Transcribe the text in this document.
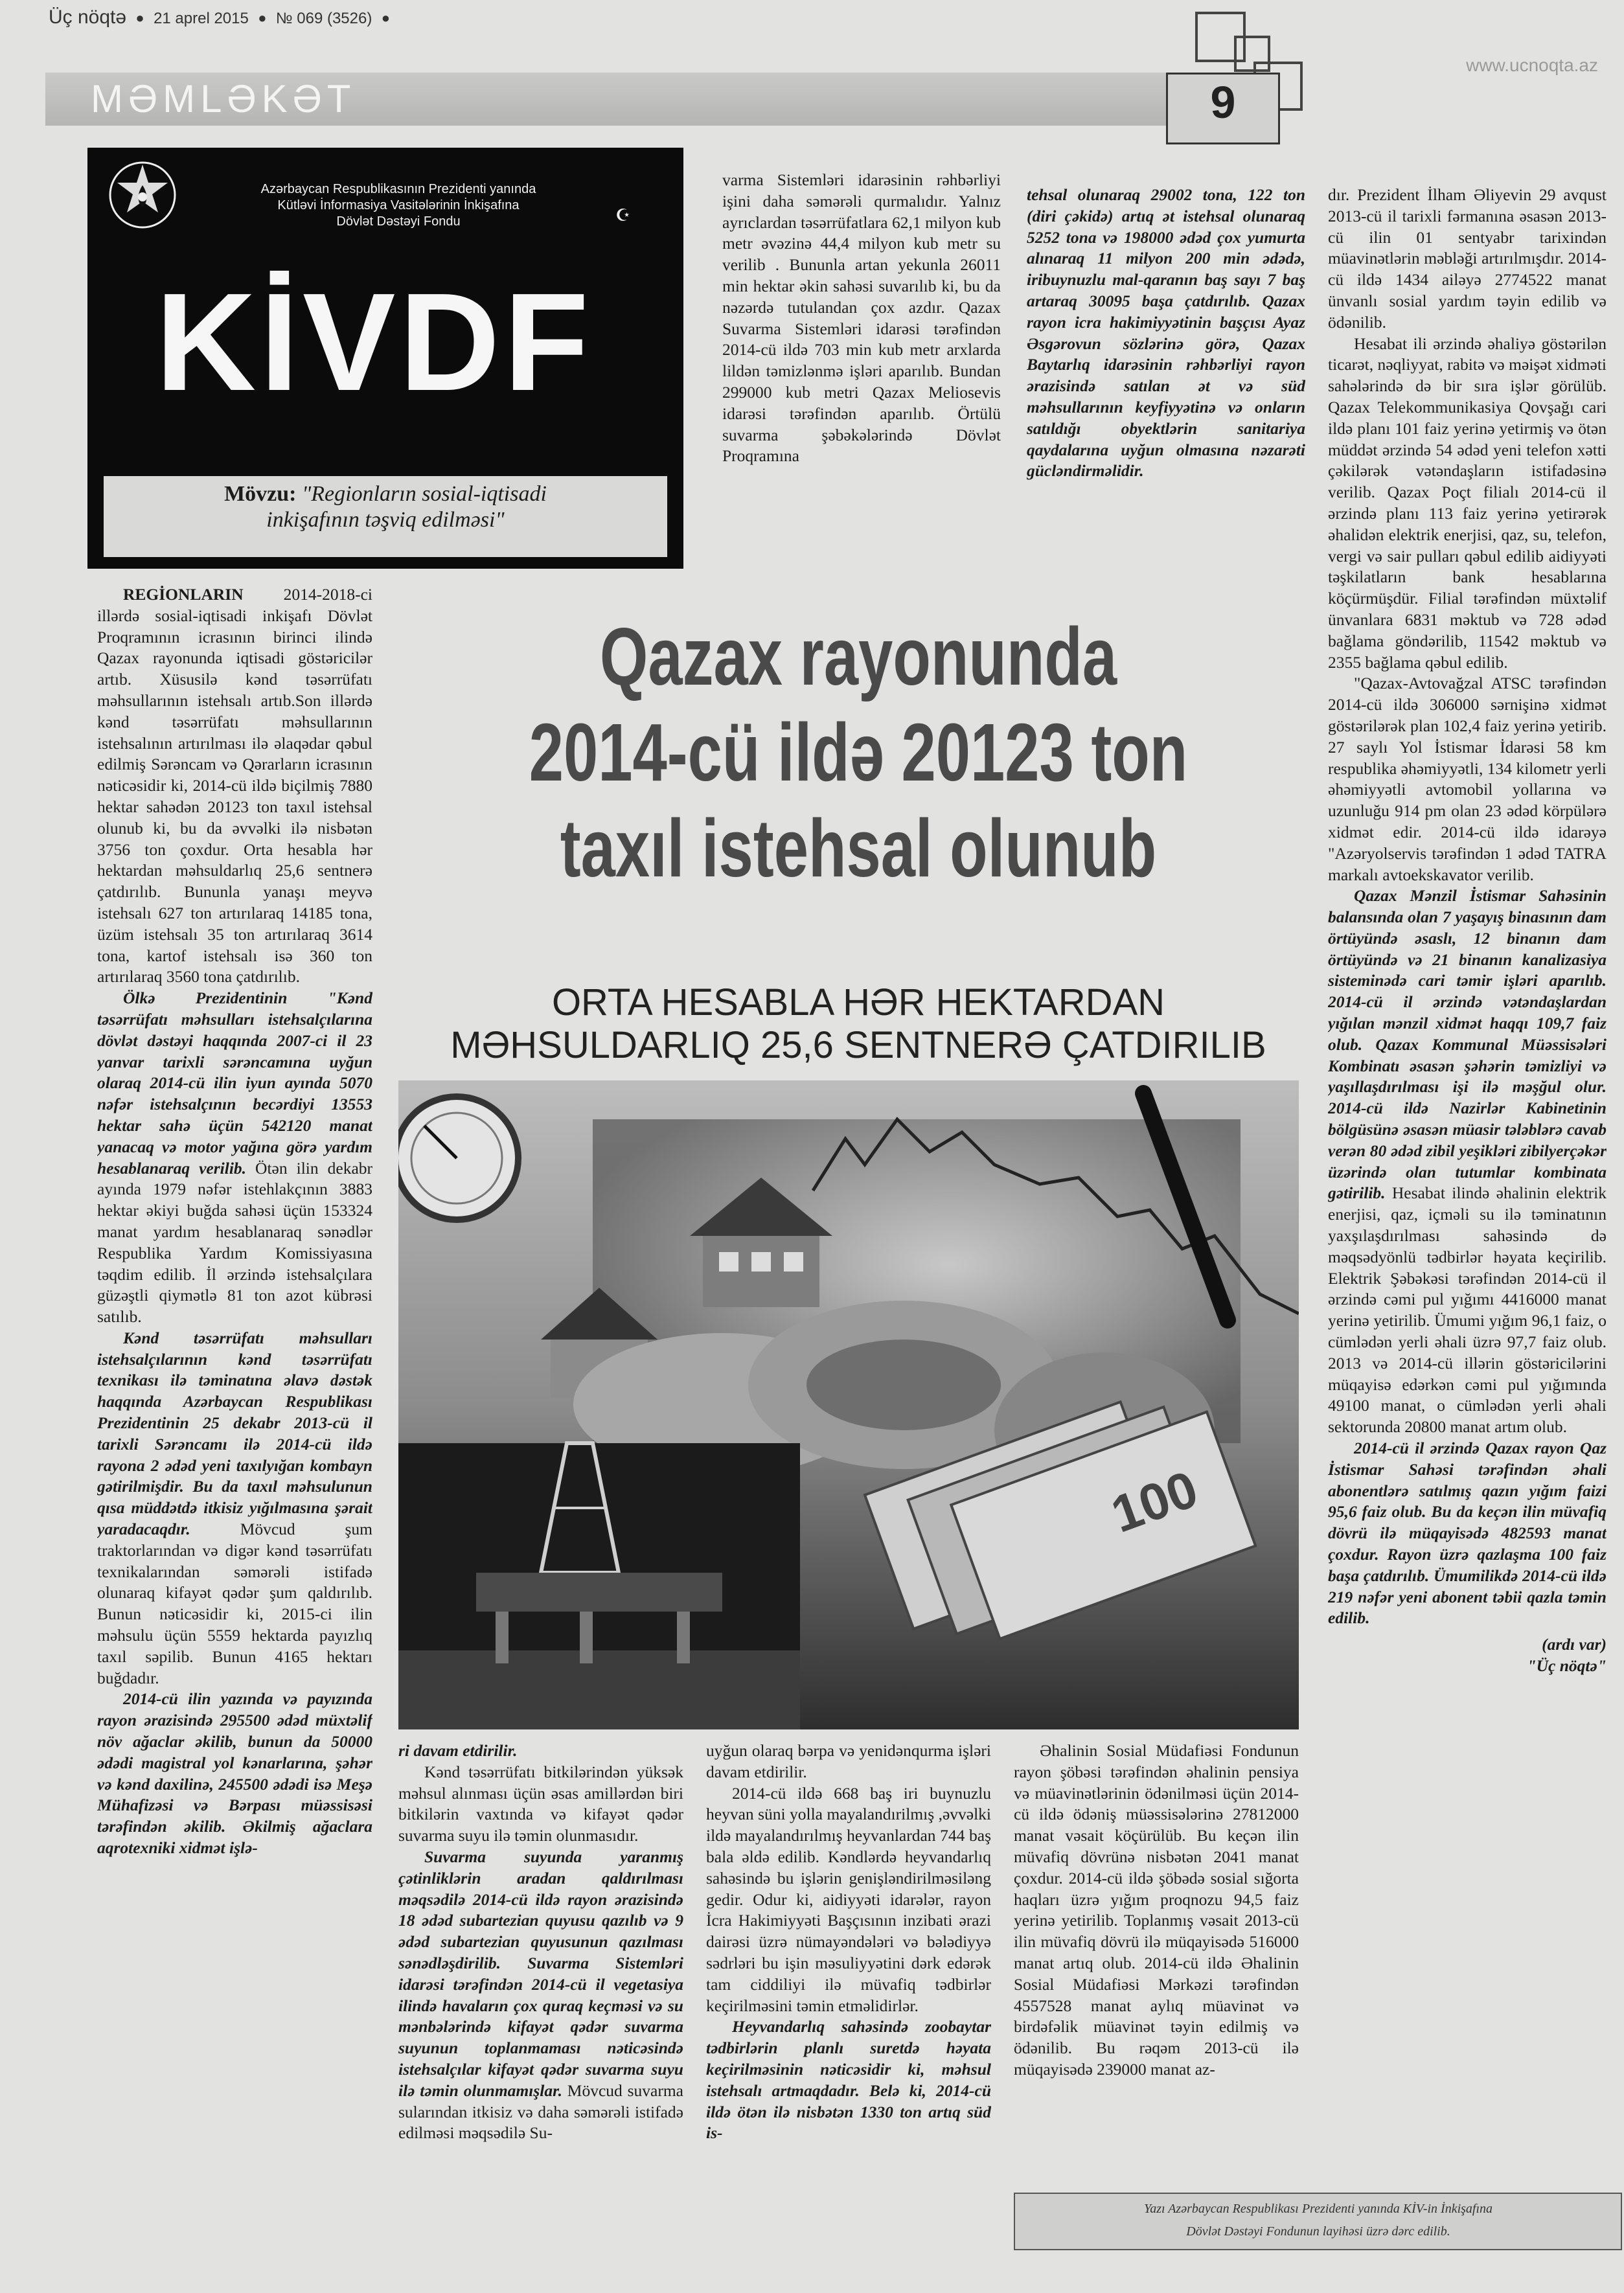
Üç nöqtə ● 21 aprel 2015 ● № 069 (3526) ●
www.ucnoqta.az
MƏMLƏKƏT	9
Azərbaycan Respublikasının Prezidenti yanında
Kütləvi İnformasiya Vasitələrinin İnkişafına
Dövlət Dəstəyi Fondu	☪
KİVDF
Mövzu: "Regionların sosial-iqtisadi
inkişafının təşviq edilməsi"

REGİONLARIN 2014-2018-ci illərdə sosial-iqtisadi inkişafı Dövlət Proqramının icrasının birinci ilində Qazax rayonunda iqtisadi göstəricilər artıb. Xüsusilə kənd təsərrüfatı məhsullarının istehsalı artıb.Son illərdə kənd təsərrüfatı məhsullarının istehsalının artırılması ilə əlaqədar qəbul edilmiş Sərəncam və Qərarların icrasının nəticəsidir ki, 2014-cü ildə biçilmiş 7880 hektar sahədən 20123 ton taxıl istehsal olunub ki, bu da əvvəlki ilə nisbətən 3756 ton çoxdur. Orta hesabla hər hektardan məhsuldarlıq 25,6 sentnerə çatdırılıb. Bununla yanaşı meyvə istehsalı 627 ton artırılaraq 14185 tona, üzüm istehsalı 35 ton artırılaraq 3614 tona, kartof istehsalı isə 360 ton artırılaraq 3560 tona çatdırılıb.

Ölkə Prezidentinin "Kənd təsərrüfatı məhsulları istehsalçılarına dövlət dəstəyi haqqında 2007-ci il 23 yanvar tarixli sərəncamına uyğun olaraq 2014-cü ilin iyun ayında 5070 nəfər istehsalçının becərdiyi 13553 hektar sahə üçün 542120 manat yanacaq və motor yağına görə yardım hesablanaraq verilib. Ötən ilin dekabr ayında 1979 nəfər istehlakçının 3883 hektar əkiyi buğda sahəsi üçün 153324 manat yardım hesablanaraq sənədlər Respublika Yardım Komissiyasına təqdim edilib. İl ərzində istehsalçılara güzəştli qiymətlə 81 ton azot kübrəsi satılıb.

Kənd təsərrüfatı məhsulları istehsalçılarının kənd təsərrüfatı texnikası ilə təminatına əlavə dəstək haqqında Azərbaycan Respublikası Prezidentinin 25 dekabr 2013-cü il tarixli Sərəncamı ilə 2014-cü ildə rayona 2 ədəd yeni taxılyığan kombayn gətirilmişdir. Bu da taxıl məhsulunun qısa müddətdə itkisiz yığılmasına şərait yaradacaqdır. Mövcud şum traktorlarından və digər kənd təsərrüfatı texnikalarından səmərəli istifadə olunaraq kifayət qədər şum qaldırılıb. Bunun nəticəsidir ki, 2015-ci ilin məhsulu üçün 5559 hektarda payızlıq taxıl səpilib. Bunun 4165 hektarı buğdadır.

2014-cü ilin yazında və payızında rayon ərazisində 295500 ədəd müxtəlif növ ağaclar əkilib, bunun da 50000 ədədi magistral yol kənarlarına, şəhər və kənd daxilinə, 245500 ədədi isə Meşə Mühafizəsi və Bərpası müəssisəsi tərəfindən əkilib. Əkilmiş ağaclara aqrotexniki xidmət işlə-

varma Sistemləri idarəsinin rəhbərliyi işini daha səmərəli qurmalıdır. Yalnız ayrıclardan təsərrüfatlara 62,1 milyon kub metr əvəzinə 44,4 milyon kub metr su verilib . Bununla artan yekunla 26011 min hektar əkin sahəsi suvarılıb ki, bu da nəzərdə tutulandan çox azdır. Qazax Suvarma Sistemləri idarəsi tərəfindən 2014-cü ildə 703 min kub metr arxlarda lildən təmizlənmə işləri aparılıb. Bundan 299000 kub metri Qazax Meliosevis idarəsi tərəfindən aparılıb. Örtülü suvarma şəbəkələrində Dövlət Proqramına

tehsal olunaraq 29002 tona, 122 ton (diri çəkidə) artıq ət istehsal olunaraq 5252 tona və 198000 ədəd çox yumurta alınaraq 11 milyon 200 min ədədə, iribuynuzlu mal-qaranın baş sayı 7 baş artaraq 30095 başa çatdırılıb. Qazax rayon icra hakimiyyətinin başçısı Ayaz Əsgərovun sözlərinə görə, Qazax Baytarlıq idarəsinin rəhbərliyi rayon ərazisində satılan ət və süd məhsullarının keyfiyyətinə və onların satıldığı obyektlərin sanitariya qaydalarına uyğun olmasına nəzarəti gücləndirməlidir.

dır. Prezident İlham Əliyevin 29 avqust 2013-cü il tarixli fərmanına əsasən 2013-cü ilin 01 sentyabr tarixindən müavinətlərin məbləği artırılmışdır. 2014-cü ildə 1434 ailəyə 2774522 manat ünvanlı sosial yardım təyin edilib və ödənilib.

Hesabat ili ərzində əhaliyə göstərilən ticarət, nəqliyyat, rabitə və məişət xidməti sahələrində də bir sıra işlər görülüb. Qazax Telekommunikasiya Qovşağı cari ildə planı 101 faiz yerinə yetirmiş və ötən müddət ərzində 54 ədəd yeni telefon xətti çəkilərək vətəndaşların istifadəsinə verilib. Qazax Poçt filialı 2014-cü il ərzində planı 113 faiz yerinə yetirərək əhalidən elektrik enerjisi, qaz, su, telefon, vergi və sair pulları qəbul edilib aidiyyəti təşkilatların bank hesablarına köçürmüşdür. Filial tərəfindən müxtəlif ünvanlara 6831 məktub və 728 ədəd bağlama göndərilib, 11542 məktub və 2355 bağlama qəbul edilib.

"Qazax-Avtovağzal ATSC tərəfindən 2014-cü ildə 306000 sərnişinə xidmət göstərilərək plan 102,4 faiz yerinə yetirib. 27 saylı Yol İstismar İdarəsi 58 km respublika əhəmiyyətli, 134 kilometr yerli əhəmiyyətli avtomobil yollarına və uzunluğu 914 pm olan 23 ədəd körpülərə xidmət edir. 2014-cü ildə idarəyə "Azəryolservis tərəfindən 1 ədəd TATRA markalı avtoekskavator verilib.

Qazax Mənzil İstismar Sahəsinin balansında olan 7 yaşayış binasının dam örtüyündə əsaslı, 12 binanın dam örtüyündə və 21 binanın kanalizasiya sisteminədə cari təmir işləri aparılıb. 2014-cü il ərzində vətəndaşlardan yığılan mənzil xidmət haqqı 109,7 faiz olub. Qazax Kommunal Müəssisələri Kombinatı əsasən şəhərin təmizliyi və yaşıllaşdırılması işi ilə məşğul olur. 2014-cü ildə Nazirlər Kabinetinin bölgüsünə əsasən müasir tələblərə cavab verən 80 ədəd zibil yeşikləri zibilyerçəkər üzərində olan tutumlar kombinata gətirilib. Hesabat ilində əhalinin elektrik enerjisi, qaz, içməli su ilə təminatının yaxşılaşdırılması sahəsində də məqsədyönlü tədbirlər həyata keçirilib. Elektrik Şəbəkəsi tərəfindən 2014-cü il ərzində cəmi pul yığımı 4416000 manat yerinə yetirilib. Ümumi yığım 96,1 faiz, o cümlədən yerli əhali üzrə 97,7 faiz olub. 2013 və 2014-cü illərin göstəricilərini müqayisə edərkən cəmi pul yığımında 49100 manat, o cümlədən yerli əhali sektorunda 20800 manat artım olub.

2014-cü il ərzində Qazax rayon Qaz İstismar Sahəsi tərəfindən əhali abonentlərə satılmış qazın yığım faizi 95,6 faiz olub. Bu da keçən ilin müvafiq dövrü ilə müqayisədə 482593 manat çoxdur. Rayon üzrə qazlaşma 100 faiz başa çatdırılıb. Ümumilikdə 2014-cü ildə 219 nəfər yeni abonent təbii qazla təmin edilib.

(ardı var)
"Üç nöqtə"
Qazax rayonunda
2014-cü ildə 20123 ton
taxıl istehsal olunub
ORTA HESABLA HƏR HEKTARDAN
MƏHSULDARLIQ 25,6 SENTNERƏ ÇATDIRILIB
100

ri davam etdirilir.

Kənd təsərrüfatı bitkilərindən yüksək məhsul alınması üçün əsas amillərdən biri bitkilərin vaxtında və kifayət qədər suvarma suyu ilə təmin olunmasıdır.

Suvarma suyunda yaranmış çətinliklərin aradan qaldırılması məqsədilə 2014-cü ildə rayon ərazisində 18 ədəd subartezian quyusu qazılıb və 9 ədəd subartezian quyusunun qazılması sənədləşdirilib. Suvarma Sistemləri idarəsi tərəfindən 2014-cü il vegetasiya ilində havaların çox quraq keçməsi və su mənbələrində kifayət qədər suvarma suyunun toplanmaması nəticəsində istehsalçılar kifayət qədər suvarma suyu ilə təmin olunmamışlar. Mövcud suvarma sularından itkisiz və daha səmərəli istifadə edilməsi məqsədilə Su-

uyğun olaraq bərpa və yenidənqurma işləri davam etdirilir.

2014-cü ildə 668 baş iri buynuzlu heyvan süni yolla mayalandırilmış ,əvvəlki ildə mayalandırılmış heyvanlardan 744 baş bala əldə edilib. Kəndlərdə heyvandarlıq sahəsində bu işlərin genişləndirilməsiləng gedir. Odur ki, aidiyyəti idarələr, rayon İcra Hakimiyyəti Başçısının inzibati ərazi dairəsi üzrə nümayəndələri və bələdiyyə sədrləri bu işin məsuliyyətini dərk edərək tam ciddiliyi ilə müvafiq tədbirlər keçirilməsini təmin etməlidirlər.

Heyvandarlıq sahəsində zoobaytar tədbirlərin planlı suretdə həyata keçirilməsinin nəticəsidir ki, məhsul istehsalı artmaqdadır. Belə ki, 2014-cü ildə ötən ilə nisbətən 1330 ton artıq süd is-

Əhalinin Sosial Müdafiəsi Fondunun rayon şöbəsi tərəfindən əhalinin pensiya və müavinətlərinin ödənilməsi üçün 2014-cü ildə ödəniş müəssisələrinə 27812000 manat vəsait köçürülüb. Bu keçən ilin müvafiq dövrünə nisbətən 2041 manat çoxdur. 2014-cü ildə şöbədə sosial sığorta haqları üzrə yığım proqnozu 94,5 faiz yerinə yetirilib. Toplanmış vəsait 2013-cü ilin müvafiq dövrü ilə müqayisədə 516000 manat artıq olub. 2014-cü ildə Əhalinin Sosial Müdafiəsi Mərkəzi tərəfindən 4557528 manat aylıq müavinət və birdəfəlik müavinət təyin edilmiş və ödənilib. Bu rəqəm 2013-cü ilə müqayisədə 239000 manat az-

Yazı Azərbaycan Respublikası Prezidenti yanında KİV-in İnkişafına
Dövlət Dəstəyi Fondunun layihəsi üzrə dərc edilib.
